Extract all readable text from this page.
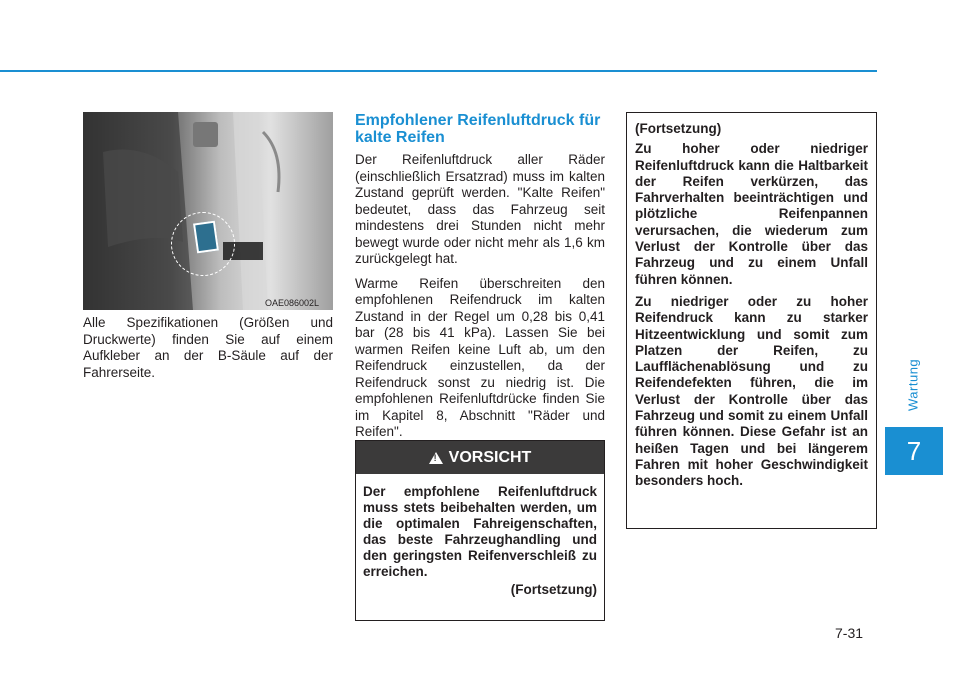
Wartung
7
7-31
OAE086002L
Alle Spezifikationen (Größen und Druckwerte) finden Sie auf einem Aufkleber an der B-Säule auf der Fahrerseite.
Empfohlener Reifenluftdruck für kalte Reifen

Der Reifenluftdruck aller Räder (einschließlich Ersatzrad) muss im kalten Zustand geprüft werden. "Kalte Reifen" bedeutet, dass das Fahrzeug seit mindestens drei Stunden nicht mehr bewegt wurde oder nicht mehr als 1,6 km zurückgelegt hat.

Warme Reifen überschreiten den empfohlenen Reifendruck im kalten Zustand in der Regel um 0,28 bis 0,41 bar (28 bis 41 kPa). Lassen Sie bei warmen Reifen keine Luft ab, um den Reifendruck einzustellen, da der Reifendruck sonst zu niedrig ist. Die empfohlenen Reifenluftdrücke finden Sie im Kapitel 8, Abschnitt "Räder und Reifen".

!
VORSICHT
Der empfohlene Reifenluftdruck muss stets beibehalten werden, um die optimalen Fahreigenschaften, das beste Fahrzeughandling und den geringsten Reifenverschleiß zu erreichen.
(Fortsetzung)

(Fortsetzung)

Zu hoher oder niedriger Reifenluftdruck kann die Haltbarkeit der Reifen verkürzen, das Fahrverhalten beeinträchtigen und plötzliche Reifenpannen verursachen, die wiederum zum Verlust der Kontrolle über das Fahrzeug und zu einem Unfall führen können.

Zu niedriger oder zu hoher Reifendruck kann zu starker Hitzeentwicklung und somit zum Platzen der Reifen, zu Laufflächenablösung und zu Reifendefekten führen, die im Verlust der Kontrolle über das Fahrzeug und somit zu einem Unfall führen können. Diese Gefahr ist an heißen Tagen und bei längerem Fahren mit hoher Geschwindigkeit besonders hoch.
